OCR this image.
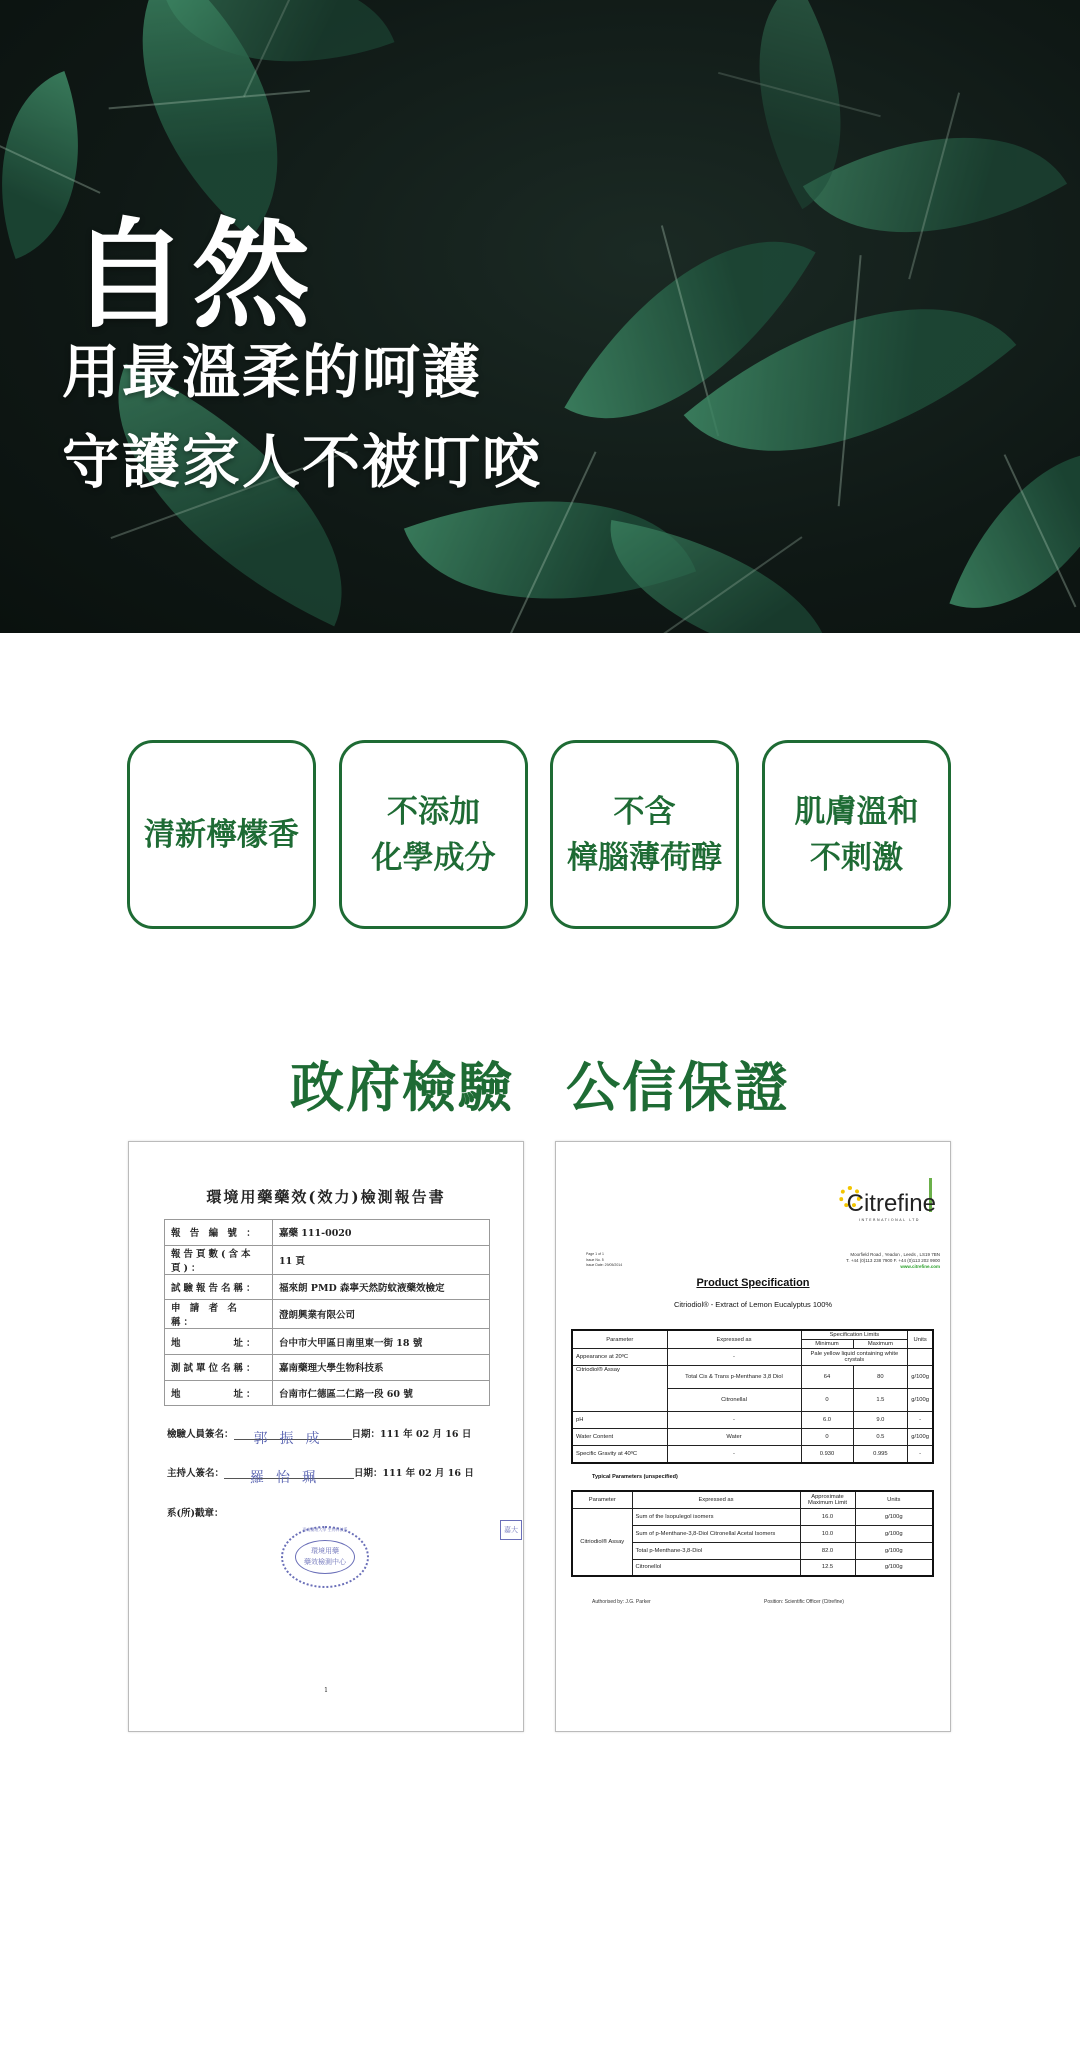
自然
用最溫柔的呵護
守護家人不被叮咬
清新檸檬香
不添加
化學成分
不含
樟腦薄荷醇
肌膚溫和
不刺激
政府檢驗 公信保證
環境用藥藥效(效力)檢測報告書
報 告 編 號 ：	嘉藥 111-0020
報告頁數(含本頁)：	11 頁
試驗報告名稱：	福來朗 PMD 森寧天然防蚊液藥效檢定
申 請 者 名 稱：	澄朗興業有限公司
地　　　　址：	台中市大甲區日南里東一街 18 號
測試單位名稱：	嘉南藥理大學生物科技系
地　　　　址：	台南市仁德區二仁路一段 60 號
檢驗人員簽名： 郭振成 日期：111 年 02 月 16 日
主持人簽名： 羅怡珮	日期：111 年 02 月 16 日
系(所)戳章：
環境用藥
藥效檢測中心
嘉南藥理大學 生物科技系	嘉大
1
Citrefine
INTERNATIONAL LTD
Moorfield Road , Yeadon , Leeds , LS19 7BN
T. +44 (0)113 238 7900 F. +44 (0)113 202 9900
www.citrefine.com
Page 1 of 1
Issue No. 5
Issue Date: 29/05/2014
Product Specification
Citriodiol® - Extract of Lemon Eucalyptus 100%
Parameter	Expressed as	Specification Limits		Units
		Minimum	Maximum	
Appearance at 20ºC	-	Pale yellow liquid containing white crystals		
Citriodiol® Assay	Total Cis & Trans p-Menthane 3,8 Diol	64	80	g/100g
	Citronellal	0	1.5	g/100g
pH	-	6.0	9.0	-
Water Content	Water	0	0.5	g/100g
Specific Gravity at 40ºC	-	0.930	0.995	-
Typical Parameters (unspecified)
Parameter	Expressed as	Approximate Maximum Limit	Units
Citriodiol® Assay	Sum of the Isopulegol isomers	16.0	g/100g
	Sum of p-Menthane-3,8-Diol Citronellal Acetal Isomers	10.0	g/100g
	Total p-Menthane-3,8-Diol	82.0	g/100g
	Citronellol	12.5	g/100g
Authorised by: J.G. Parker	Position: Scientific Officer (Citrefine)
